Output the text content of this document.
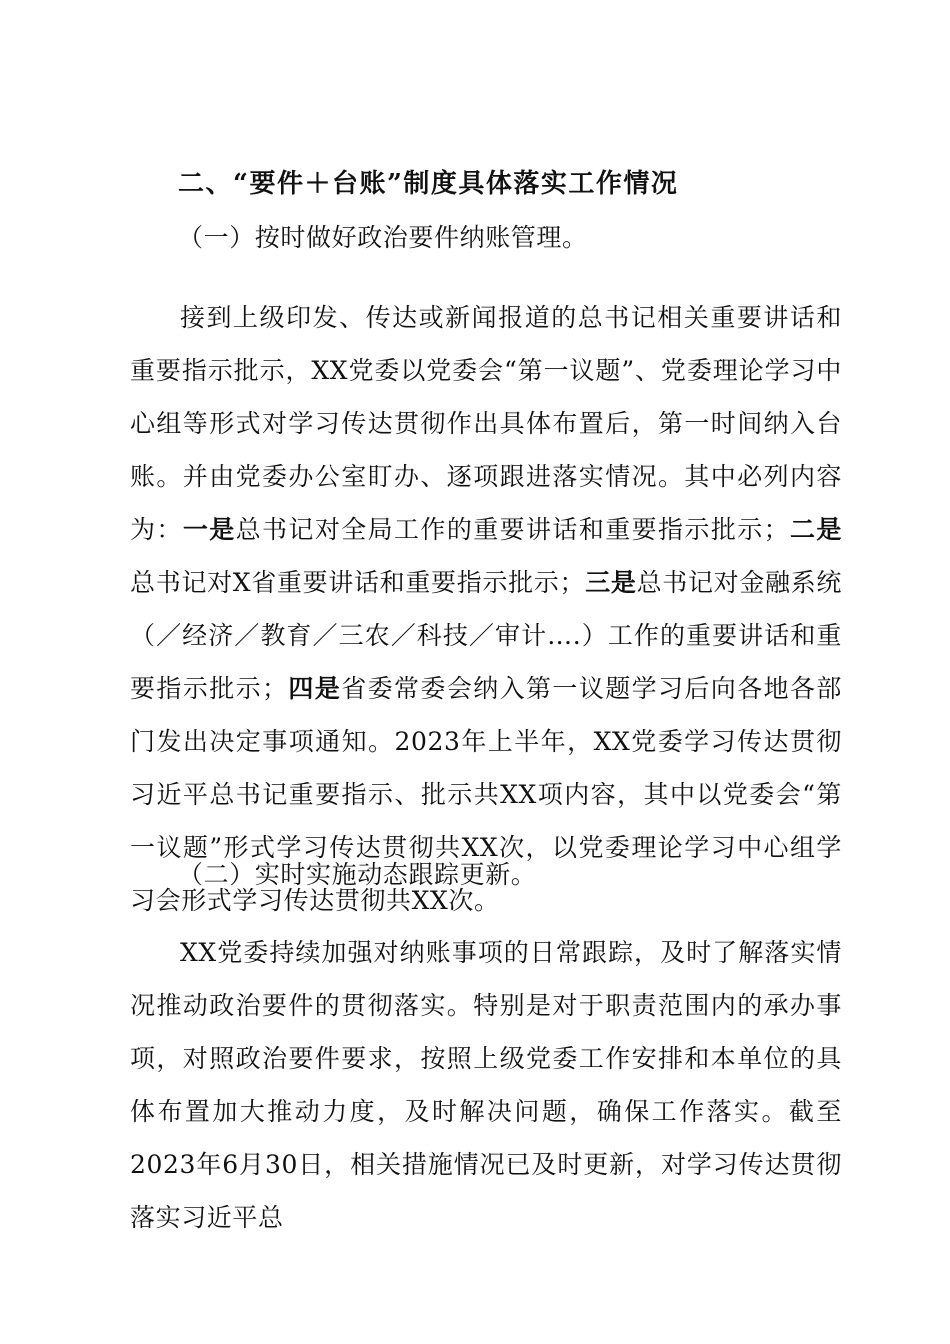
二、“要件＋台账”制度具体落实工作情况
（一）按时做好政治要件纳账管理。
接到上级印发、传达或新闻报道的总书记相关重要讲话和重要指示批示，XX党委以党委会“第一议题”、党委理论学习中心组等形式对学习传达贯彻作出具体布置后，第一时间纳入台账。并由党委办公室盯办、逐项跟进落实情况。其中必列内容为：一是总书记对全局工作的重要讲话和重要指示批示；二是总书记对X省重要讲话和重要指示批示；三是总书记对金融系统（／经济／教育／三农／科技／审计….）工作的重要讲话和重要指示批示；四是省委常委会纳入第一议题学习后向各地各部门发出决定事项通知。2023年上半年，XX党委学习传达贯彻习近平总书记重要指示、批示共XX项内容，其中以党委会“第一议题”形式学习传达贯彻共XX次，以党委理论学习中心组学习会形式学习传达贯彻共XX次。
（二）实时实施动态跟踪更新。
XX党委持续加强对纳账事项的日常跟踪，及时了解落实情况推动政治要件的贯彻落实。特别是对于职责范围内的承办事项，对照政治要件要求，按照上级党委工作安排和本单位的具体布置加大推动力度，及时解决问题，确保工作落实。截至2023年6月30日，相关措施情况已及时更新，对学习传达贯彻落实习近平总
